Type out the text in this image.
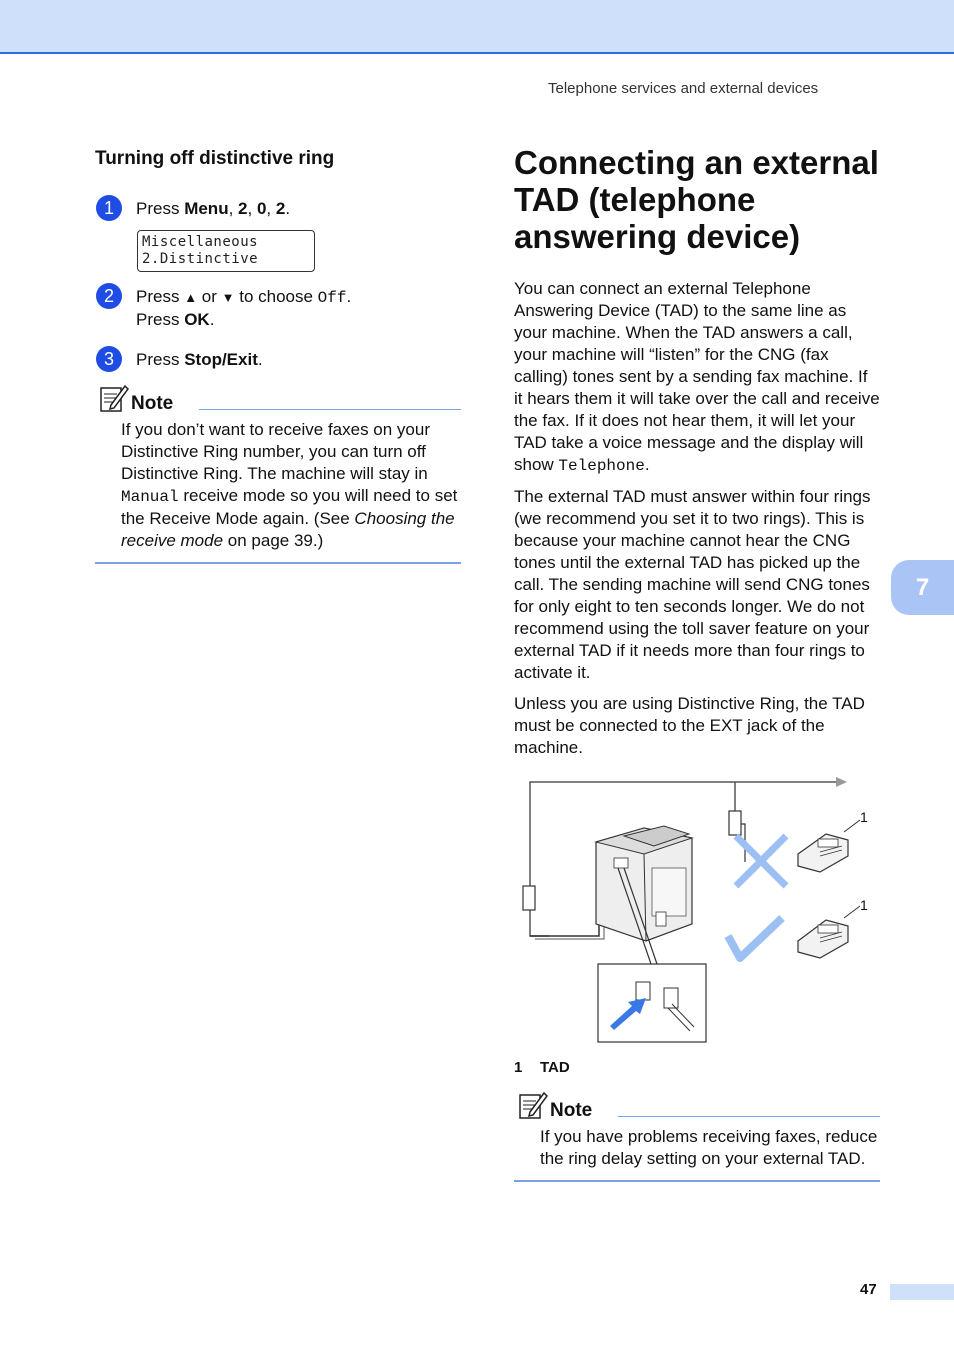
Telephone services and external devices
7
Turning off distinctive ring
1	Press Menu, 2, 0, 2.
Miscellaneous
2.Distinctive
2	Press ▲ or ▼ to choose Off.
Press OK.
3	Press Stop/Exit.
Note
If you don’t want to receive faxes on your Distinctive Ring number, you can turn off Distinctive Ring. The machine will stay in Manual receive mode so you will need to set the Receive Mode again. (See Choosing the receive mode on page 39.)
Connecting an external TAD (telephone answering device)

You can connect an external Telephone Answering Device (TAD) to the same line as your machine. When the TAD answers a call, your machine will “listen” for the CNG (fax calling) tones sent by a sending fax machine. If it hears them it will take over the call and receive the fax. If it does not hear them, it will let your TAD take a voice message and the display will show Telephone.

The external TAD must answer within four rings (we recommend you set it to two rings). This is because your machine cannot hear the CNG tones until the external TAD has picked up the call. The sending machine will send CNG tones for only eight to ten seconds longer. We do not recommend using the toll saver feature on your external TAD if it needs more than four rings to activate it.

Unless you are using Distinctive Ring, the TAD must be connected to the EXT jack of the machine.

1
1
1 TAD
Note
If you have problems receiving faxes, reduce the ring delay setting on your external TAD.
47
